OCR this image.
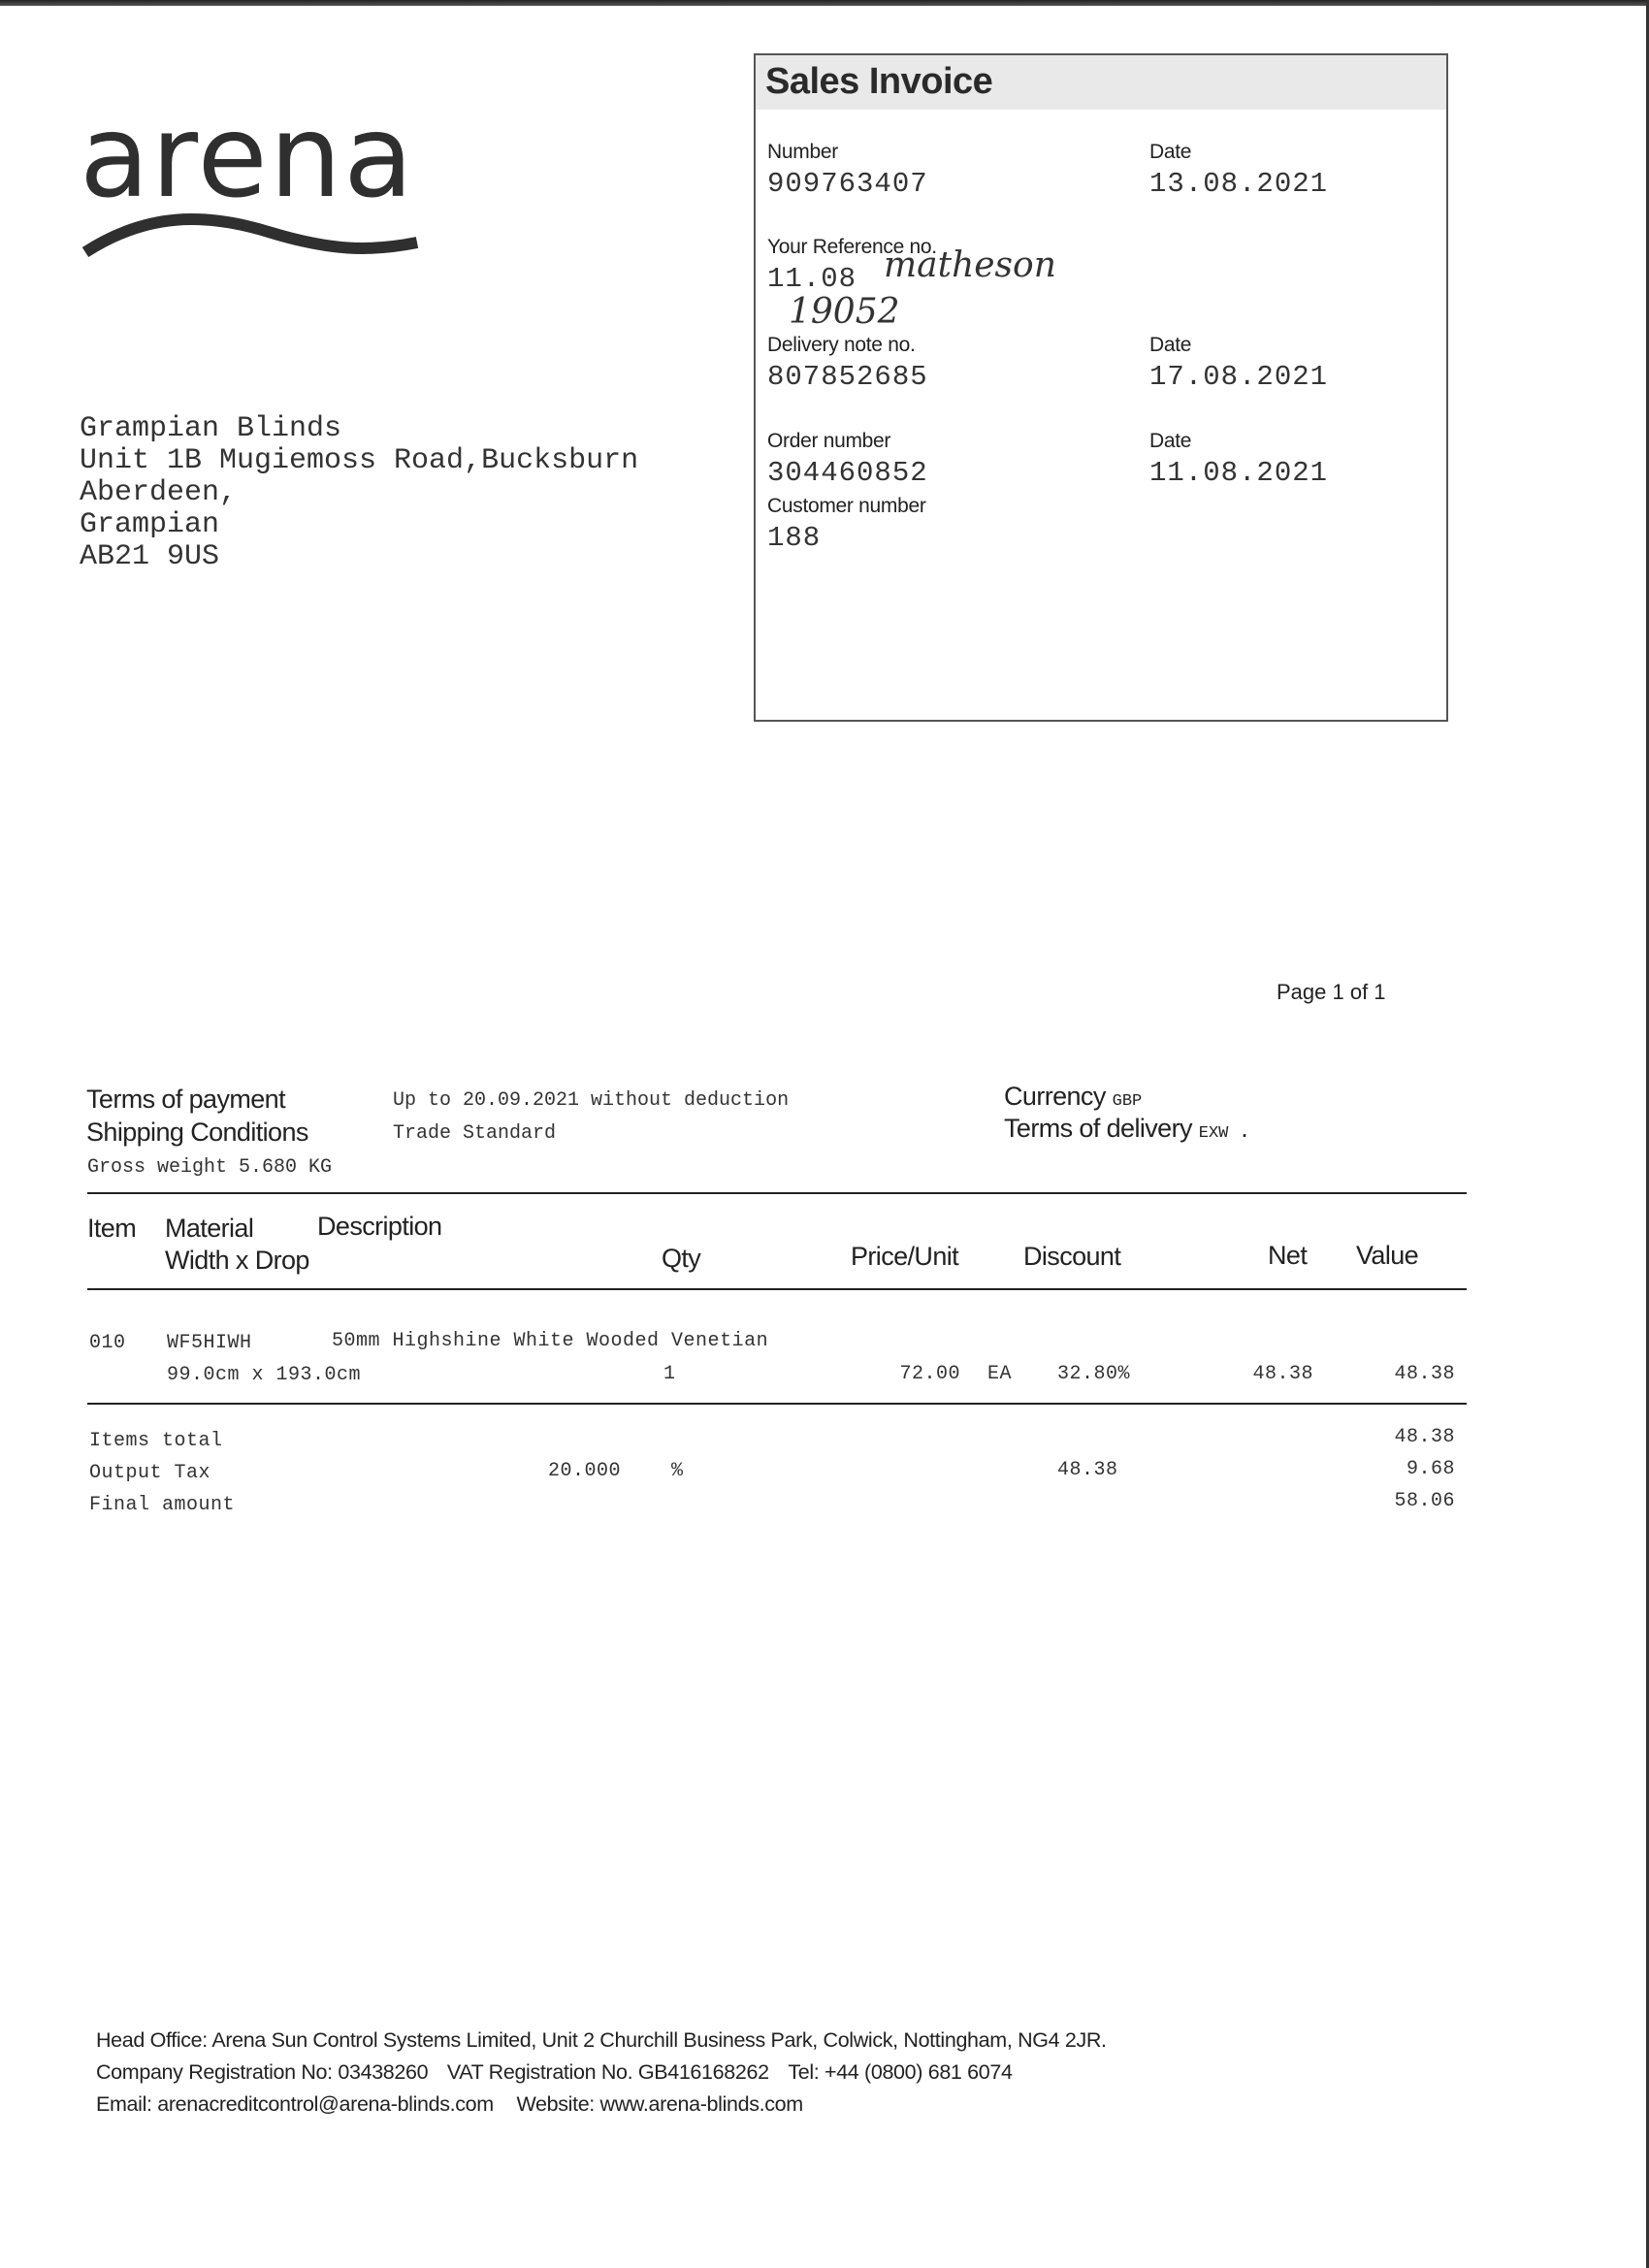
arena
Sales Invoice
Number
909763407
Date
13.08.2021
Your Reference no.
11.08 matheson
19052
Delivery note no.
807852685
Date
17.08.2021
Order number
304460852
Date
11.08.2021
Customer number
188
Grampian Blinds
Unit 1B Mugiemoss Road,Bucksburn
Aberdeen,
Grampian
AB21 9US
Page 1 of 1
Terms of payment	Up to 20.09.2021 without deduction
Shipping Conditions	Trade Standard
Gross weight 5.680 KG
Currency GBP
Terms of delivery EXW .
Item Material Description
Width x Drop	Qty	Price/Unit Discount	Net Value
010 WF5HIWH	50mm Highshine White Wooded Venetian
99.0cm x 193.0cm	1	72.00 EA 32.80%	48.38	48.38
Items total	48.38
Output Tax	20.000	%	48.38	9.68
Final amount	58.06
Head Office: Arena Sun Control Systems Limited, Unit 2 Churchill Business Park, Colwick, Nottingham, NG4 2JR.
Company Registration No: 03438260 VAT Registration No. GB416168262 Tel: +44 (0800) 681 6074
Email: arenacreditcontrol@arena-blinds.com Website: www.arena-blinds.com
